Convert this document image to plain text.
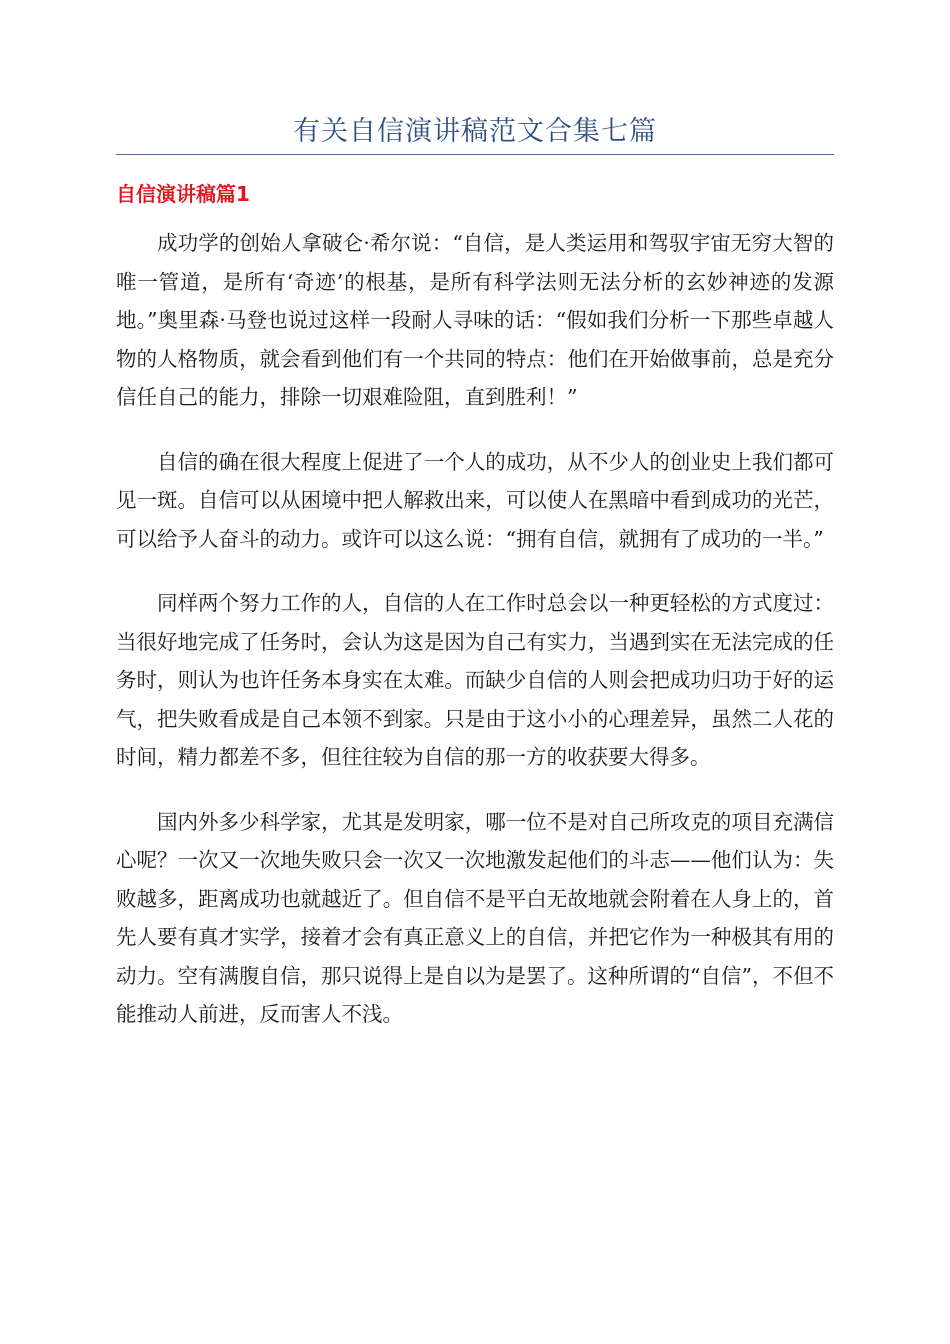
有关自信演讲稿范文合集七篇
自信演讲稿篇1

成功学的创始人拿破仑·希尔说：“自信，是人类运用和驾驭宇宙无穷大智的唯一管道，是所有‘奇迹’的根基，是所有科学法则无法分析的玄妙神迹的发源地。”奥里森·马登也说过这样一段耐人寻味的话：“假如我们分析一下那些卓越人物的人格物质，就会看到他们有一个共同的特点：他们在开始做事前，总是充分信任自己的能力，排除一切艰难险阻，直到胜利！”

自信的确在很大程度上促进了一个人的成功，从不少人的创业史上我们都可见一斑。自信可以从困境中把人解救出来，可以使人在黑暗中看到成功的光芒，可以给予人奋斗的动力。或许可以这么说：“拥有自信，就拥有了成功的一半。”

同样两个努力工作的人，自信的人在工作时总会以一种更轻松的方式度过：当很好地完成了任务时，会认为这是因为自己有实力，当遇到实在无法完成的任务时，则认为也许任务本身实在太难。而缺少自信的人则会把成功归功于好的运气，把失败看成是自己本领不到家。只是由于这小小的心理差异，虽然二人花的时间，精力都差不多，但往往较为自信的那一方的收获要大得多。

国内外多少科学家，尤其是发明家，哪一位不是对自己所攻克的项目充满信心呢？一次又一次地失败只会一次又一次地激发起他们的斗志——他们认为：失败越多，距离成功也就越近了。但自信不是平白无故地就会附着在人身上的，首先人要有真才实学，接着才会有真正意义上的自信，并把它作为一种极其有用的动力。空有满腹自信，那只说得上是自以为是罢了。这种所谓的“自信”，不但不能推动人前进，反而害人不浅。
